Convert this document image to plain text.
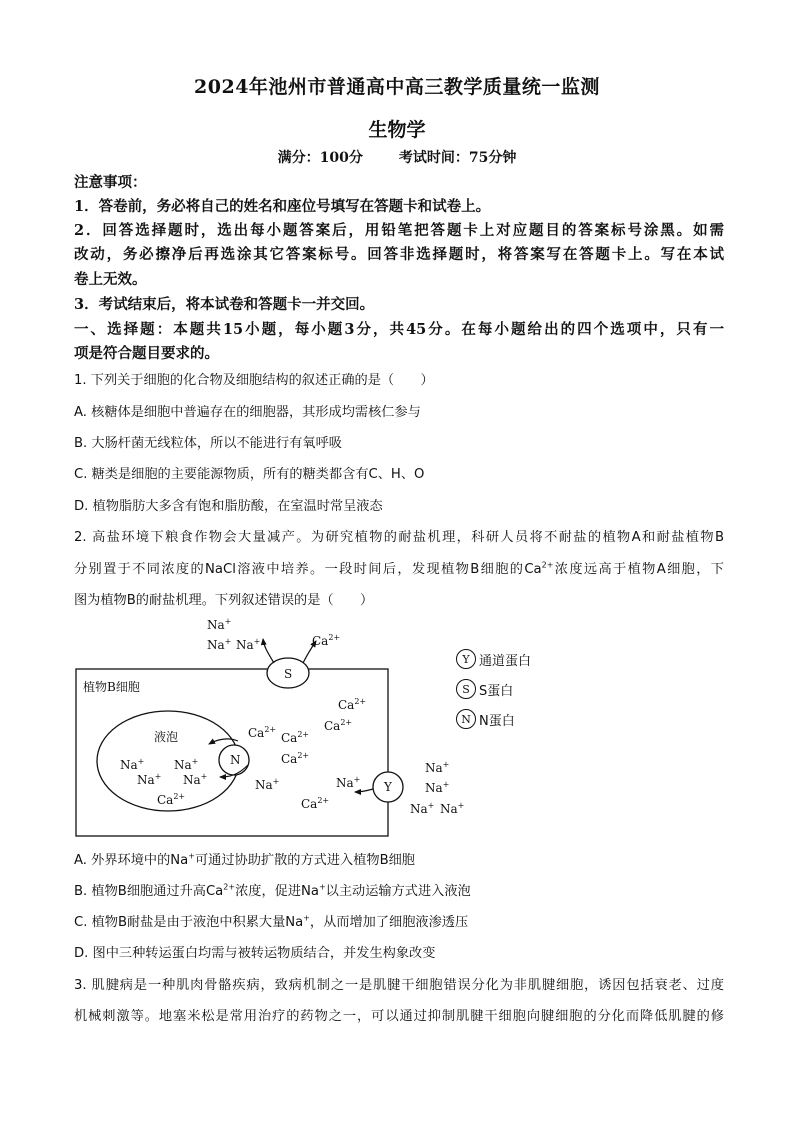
2024年池州市普通高中高三教学质量统一监测
生物学
满分：100分	考试时间：75分钟
注意事项：
1．答卷前，务必将自己的姓名和座位号填写在答题卡和试卷上。
2．回答选择题时，选出每小题答案后，用铅笔把答题卡上对应题目的答案标号涂黑。如需
改动，务必擦净后再选涂其它答案标号。回答非选择题时，将答案写在答题卡上。写在本试
卷上无效。
3．考试结束后，将本试卷和答题卡一并交回。
一、选择题：本题共15小题，每小题3分，共45分。在每小题给出的四个选项中，只有一
项是符合题目要求的。
1. 下列关于细胞的化合物及细胞结构的叙述正确的是（　　）
A. 核糖体是细胞中普遍存在的细胞器，其形成均需核仁参与
B. 大肠杆菌无线粒体，所以不能进行有氧呼吸
C. 糖类是细胞的主要能源物质，所有的糖类都含有C、H、O
D. 植物脂肪大多含有饱和脂肪酸，在室温时常呈液态
2. 高盐环境下粮食作物会大量减产。为研究植物的耐盐机理，科研人员将不耐盐的植物A和耐盐植物B
分别置于不同浓度的NaCl溶液中培养。一段时间后，发现植物B细胞的$Ca^{2+}$浓度远高于植物A细胞，下
图为植物B的耐盐机理。下列叙述错误的是（　　）
植物B细胞
液泡
S
N
Y
Na+
Na+ Na+	$Ca^{2+}$
$Ca^{2+}$
$Ca^{2+}$
$Ca^{2+}$
$Ca^{2+}$
$Ca^{2+}$
Na+ Na+
Na+ Na+
$Ca^{2+}$
Na+	Na+
$Ca^{2+}$
Na+
Na+
Na+ Na+
Y 通道蛋白
S S蛋白
N N蛋白
A. 外界环境中的Na+可通过协助扩散的方式进入植物B细胞
B. 植物B细胞通过升高$Ca^{2+}$浓度，促进Na+以主动运输方式进入液泡
C. 植物B耐盐是由于液泡中积累大量Na+，从而增加了细胞液渗透压
D. 图中三种转运蛋白均需与被转运物质结合，并发生构象改变
3. 肌腱病是一种肌肉骨骼疾病，致病机制之一是肌腱干细胞错误分化为非肌腱细胞，诱因包括衰老、过度
机械刺激等。地塞米松是常用治疗的药物之一，可以通过抑制肌腱干细胞向腱细胞的分化而降低肌腱的修
